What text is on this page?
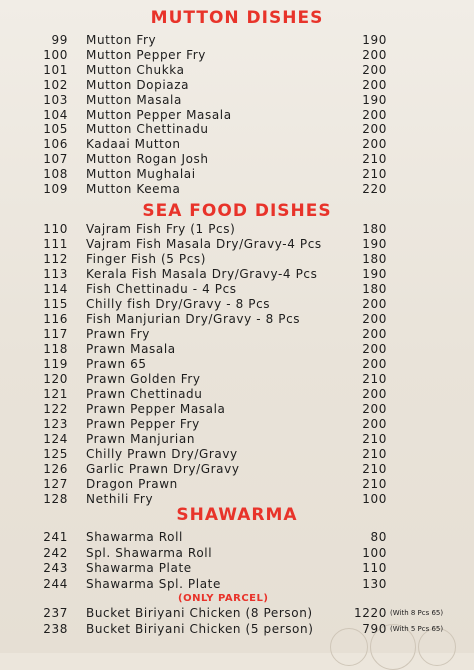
MUTTON DISHES
99 Mutton Fry	190
100 Mutton Pepper Fry	200
101 Mutton Chukka	200
102 Mutton Dopiaza	200
103 Mutton Masala	190
104 Mutton Pepper Masala	200
105 Mutton Chettinadu	200
106 Kadaai Mutton	200
107 Mutton Rogan Josh	210
108 Mutton Mughalai	210
109 Mutton Keema	220
SEA FOOD DISHES
110 Vajram Fish Fry (1 Pcs)	180
111 Vajram Fish Masala Dry/Gravy-4 Pcs	190
112 Finger Fish (5 Pcs)	180
113 Kerala Fish Masala Dry/Gravy-4 Pcs	190
114 Fish Chettinadu - 4 Pcs	180
115 Chilly fish Dry/Gravy - 8 Pcs	200
116 Fish Manjurian Dry/Gravy - 8 Pcs	200
117 Prawn Fry	200
118 Prawn Masala	200
119 Prawn 65	200
120 Prawn Golden Fry	210
121 Prawn Chettinadu	200
122 Prawn Pepper Masala	200
123 Prawn Pepper Fry	200
124 Prawn Manjurian	210
125 Chilly Prawn Dry/Gravy	210
126 Garlic Prawn Dry/Gravy	210
127 Dragon Prawn	210
128 Nethili Fry	100
SHAWARMA
241 Shawarma Roll	80
242 Spl. Shawarma Roll	100
243 Shawarma Plate	110
244 Shawarma Spl. Plate	130
(ONLY PARCEL)
237 Bucket Biriyani Chicken (8 Person)	1220 (With 8 Pcs 65)
238 Bucket Biriyani Chicken (5 person)	790 (With 5 Pcs 65)
